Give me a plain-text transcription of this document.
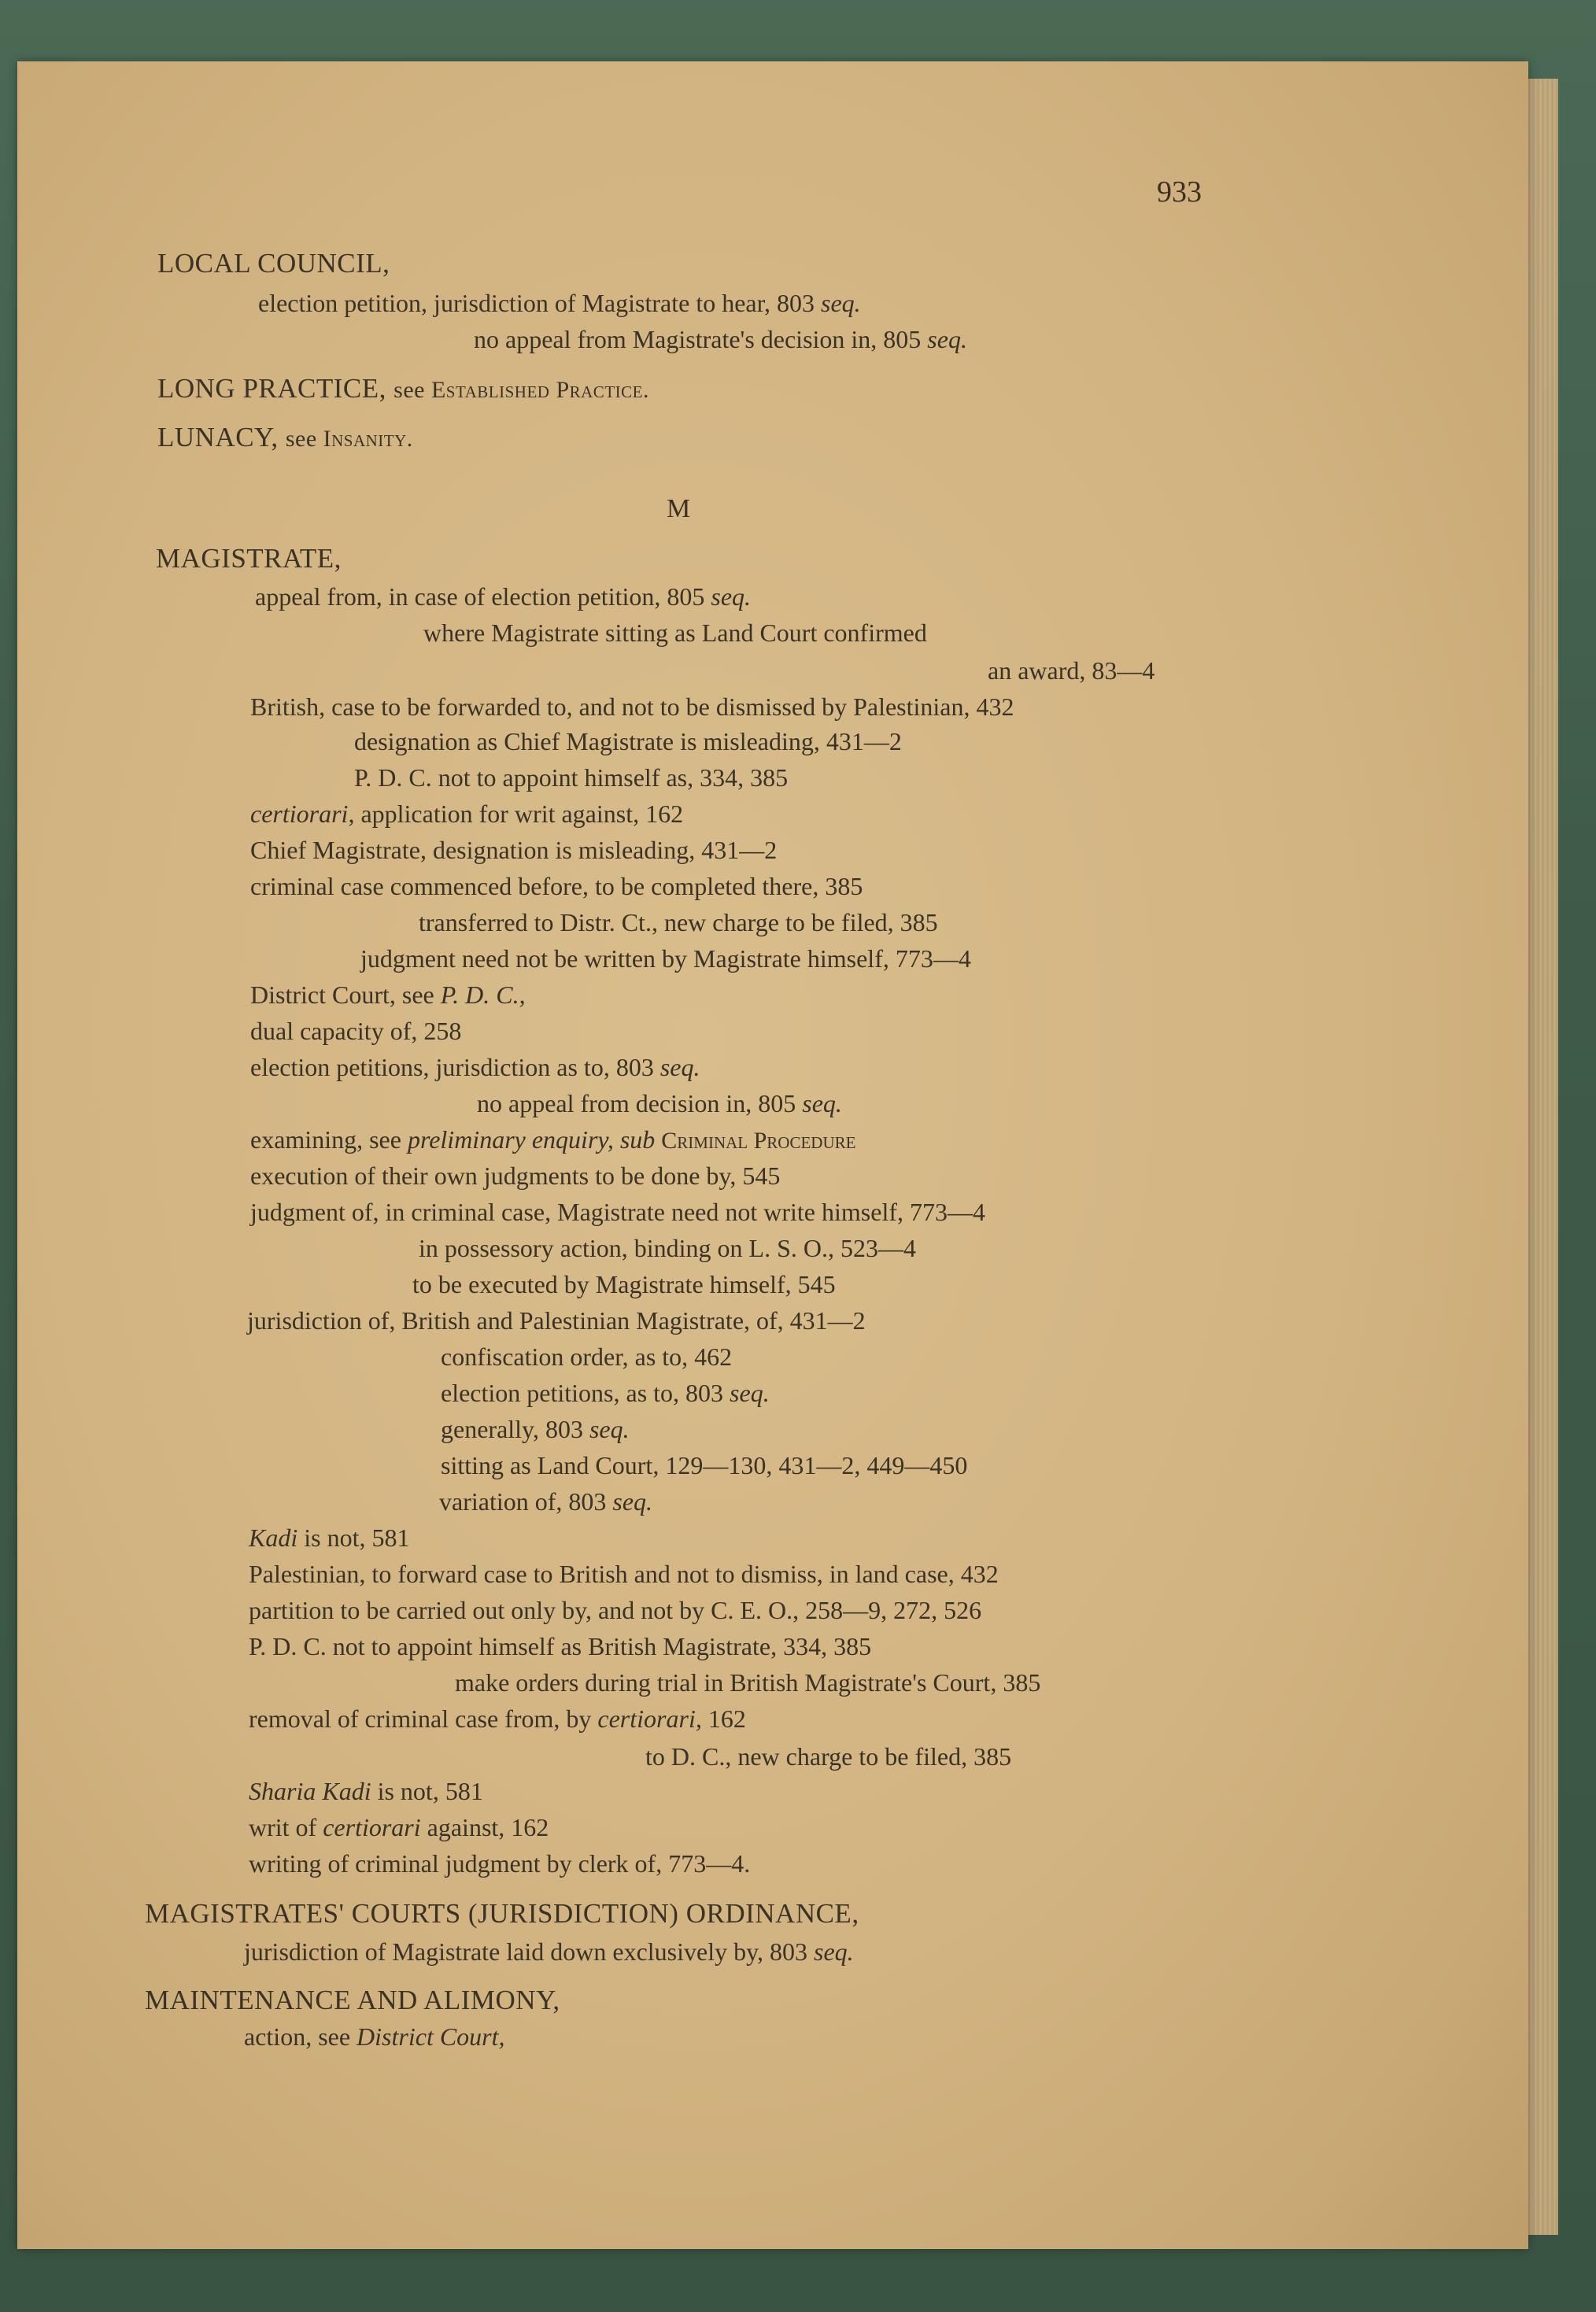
933
M
LOCAL COUNCIL,
election petition, jurisdiction of Magistrate to hear, 803 seq.
no appeal from Magistrate's decision in, 805 seq.
LONG PRACTICE, see Established Practice.
LUNACY, see Insanity.
MAGISTRATE,
appeal from, in case of election petition, 805 seq.
where Magistrate sitting as Land Court confirmed
an award, 83—4
British, case to be forwarded to, and not to be dismissed by Palestinian, 432
designation as Chief Magistrate is misleading, 431—2
P. D. C. not to appoint himself as, 334, 385
certiorari, application for writ against, 162
Chief Magistrate, designation is misleading, 431—2
criminal case commenced before, to be completed there, 385
transferred to Distr. Ct., new charge to be filed, 385
judgment need not be written by Magistrate himself, 773—4
District Court, see P. D. C.,
dual capacity of, 258
election petitions, jurisdiction as to, 803 seq.
no appeal from decision in, 805 seq.
examining, see preliminary enquiry, sub Criminal Procedure
execution of their own judgments to be done by, 545
judgment of, in criminal case, Magistrate need not write himself, 773—4
in possessory action, binding on L. S. O., 523—4
to be executed by Magistrate himself, 545
jurisdiction of, British and Palestinian Magistrate, of, 431—2
confiscation order, as to, 462
election petitions, as to, 803 seq.
generally, 803 seq.
sitting as Land Court, 129—130, 431—2, 449—450
variation of, 803 seq.
Kadi is not, 581
Palestinian, to forward case to British and not to dismiss, in land case, 432
partition to be carried out only by, and not by C. E. O., 258—9, 272, 526
P. D. C. not to appoint himself as British Magistrate, 334, 385
make orders during trial in British Magistrate's Court, 385
removal of criminal case from, by certiorari, 162
to D. C., new charge to be filed, 385
Sharia Kadi is not, 581
writ of certiorari against, 162
writing of criminal judgment by clerk of, 773—4.
MAGISTRATES' COURTS (JURISDICTION) ORDINANCE,
jurisdiction of Magistrate laid down exclusively by, 803 seq.
MAINTENANCE AND ALIMONY,
action, see District Court,
